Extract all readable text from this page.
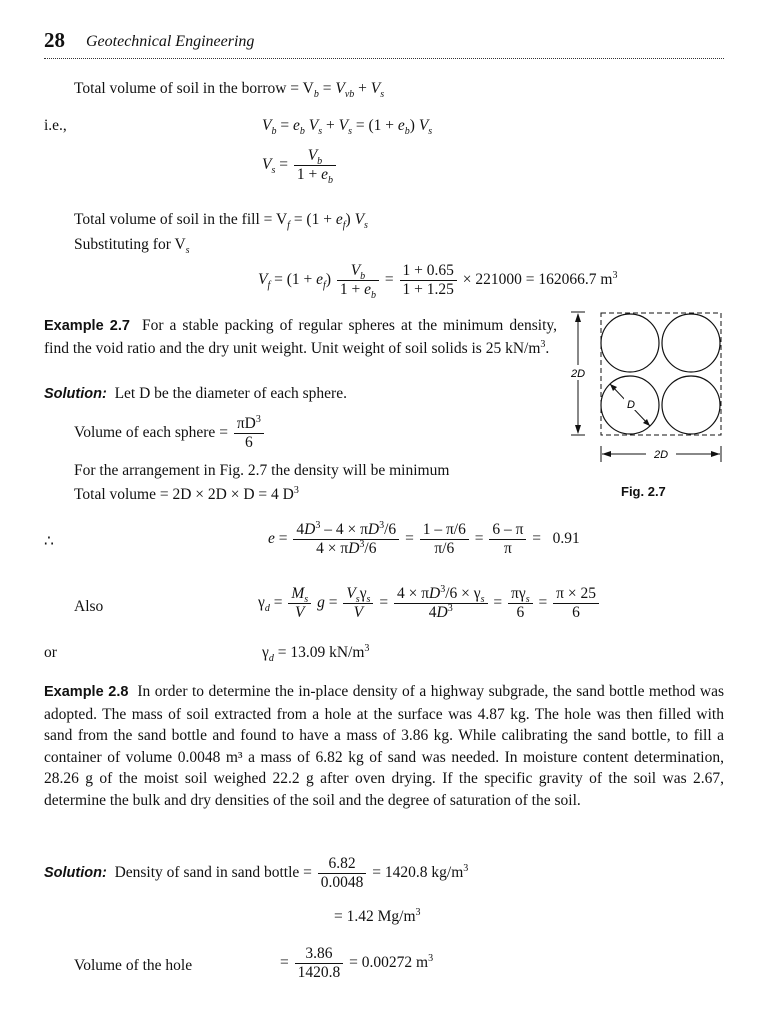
28 Geotechnical Engineering
Total volume of soil in the borrow = $V_b = V_{vb} + V_s$
i.e.,	$V_b = e_b$ $V_s + V_s = (1 + e_b)$ $V_s$
$V_s = \frac{V_b}{1 + e_b}$
Total volume of soil in the fill = $V_f = (1 + e_f)$ $V_s$
Substituting for $V_s$
$V_f = (1 + e_f) \frac{V_b}{1 + e_b} = \frac{1 + 0.65}{1 + 1.25} \times 221000 = 162066.7$ $m^3$
Example 2.7 For a stable packing of regular spheres at the minimum density, find the void ratio and the dry unit weight. Unit weight of soil solids is 25 $kN/m^3$.
Solution: Let D be the diameter of each sphere.
Volume of each sphere = $\frac{\pi D^3}{6}$
For the arrangement in Fig. 2.7 the density will be minimum
Total volume = 2D × 2D × D = 4 $D^3$
2D
D
2D
Fig. 2.7
∴	$e = \frac{4D^3 - 4 \times \pi D^3/6}{4 \times \pi D^3/6} = \frac{1 - \pi/6}{\pi/6} = \frac{6 - \pi}{\pi} = 0.91$
Also	$\gamma_d = \frac{M_s}{V}$ g =
$V_s\gamma_s$
V
= $\frac{4 \times \pi D^3/6 \times \gamma_s}{4D^3}$ =
$\pi\gamma_s$
6
= $\frac{\pi \times 25}{6}$
or	$\gamma_d = 13.09$ $kN/m^3$
Example 2.8 In order to determine the in-place density of a highway subgrade, the sand bottle method was adopted. The mass of soil extracted from a hole at the surface was 4.87 kg. The hole was then filled with sand from the sand bottle and found to have a mass of 3.86 kg. While calibrating the sand bottle, to fill a container of volume 0.0048 m³ a mass of 6.82 kg of sand was needed. In moisture content determination, 28.26 g of the moist soil weighed 22.2 g after oven drying. If the specific gravity of the soil was 2.67, determine the bulk and dry densities of the soil and the degree of saturation of the soil.
Solution: Density of sand in sand bottle = $\frac{6.82}{0.0048} = 1420.8$ $kg/m^3$
= 1.42 $Mg/m^3$
Volume of the hole	= $\frac{3.86}{1420.8} = 0.00272$ $m^3$
